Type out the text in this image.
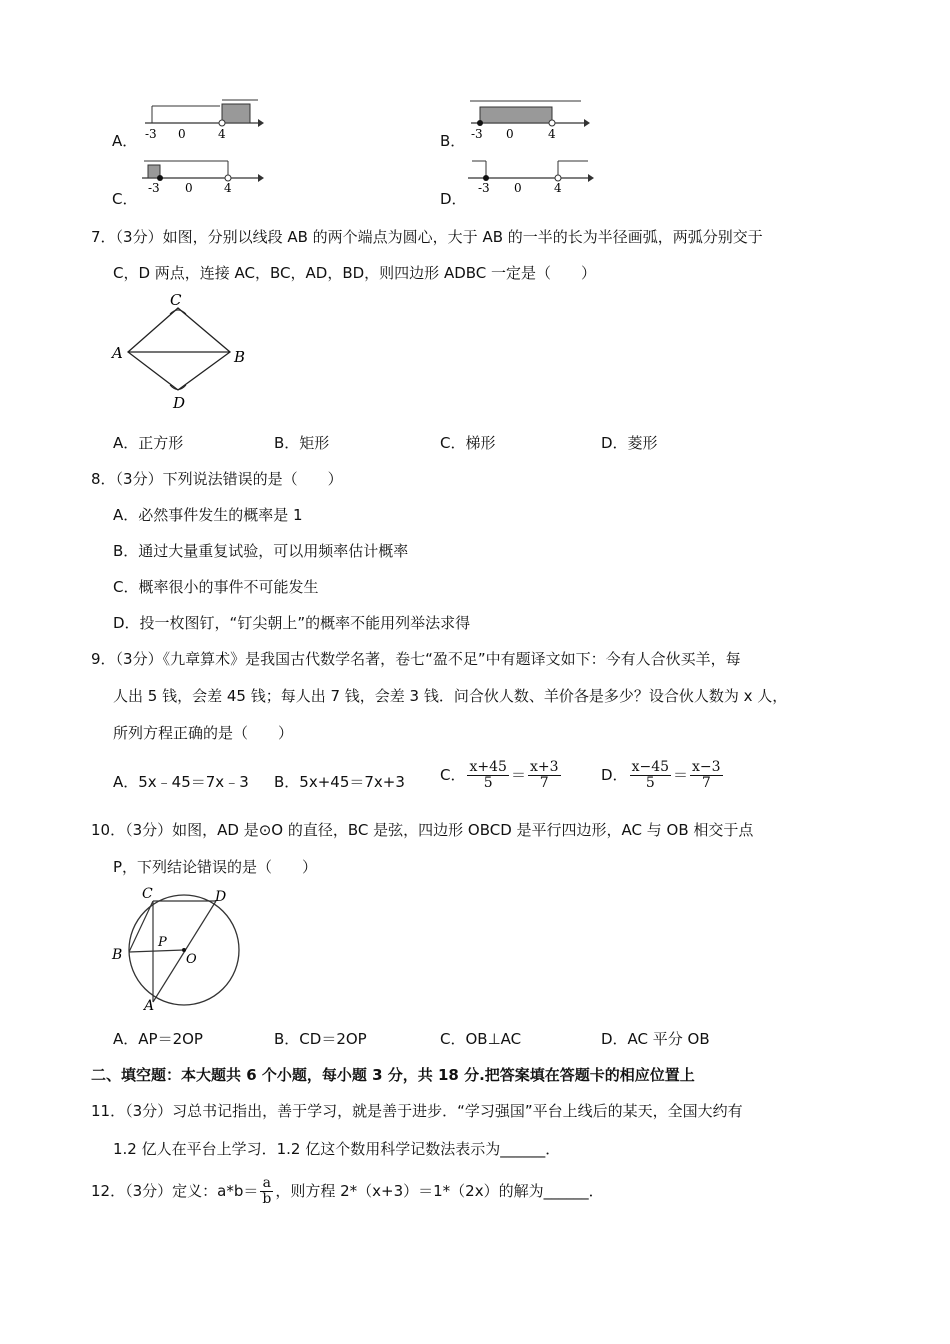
A． -3 0	4	B． -3 0	4
C．
-3 0	4
D．
-3 0	4
7．（3分）如图，分别以线段 AB 的两个端点为圆心，大于 AB 的一半的长为半径画弧，两弧分别交于
C，D 两点，连接 AC，BC，AD，BD，则四边形 ADBC 一定是（　　）
C
A	B
D
A．正方形	B．矩形	C．梯形	D．菱形
8．（3分）下列说法错误的是（　　）
A．必然事件发生的概率是 1
B．通过大量重复试验，可以用频率估计概率
C．概率很小的事件不可能发生
D．投一枚图钉，“钉尖朝上”的概率不能用列举法求得
9．（3分）《九章算术》是我国古代数学名著，卷七“盈不足”中有题译文如下：今有人合伙买羊，每
人出 5 钱，会差 45 钱；每人出 7 钱，会差 3 钱．问合伙人数、羊价各是多少？设合伙人数为 x 人，
所列方程正确的是（　　）
A．5x﹣45＝7x﹣3 B．5x+45＝7x+3 C． $\frac{x+45}{5} = \frac{x+3}{7}$	D． $\frac{x-45}{5} = \frac{x-3}{7}$
10．（3分）如图，AD 是⊙O 的直径，BC 是弦，四边形 OBCD 是平行四边形，AC 与 OB 相交于点
P，下列结论错误的是（　　）
C	D
B
P
O
A
A．AP＝2OP	B．CD＝2OP	C．OB⊥AC	D．AC 平分 OB
二、填空题：本大题共 6 个小题，每小题 3 分，共 18 分.把答案填在答题卡的相应位置上
11．（3分）习总书记指出，善于学习，就是善于进步．“学习强国”平台上线后的某天，全国大约有
1.2 亿人在平台上学习．1.2 亿这个数用科学记数法表示为______．
12．（3分）定义：$a*b= \frac{a}{b}$ ，则方程 2*（x+3）＝1*（2x）的解为______．
